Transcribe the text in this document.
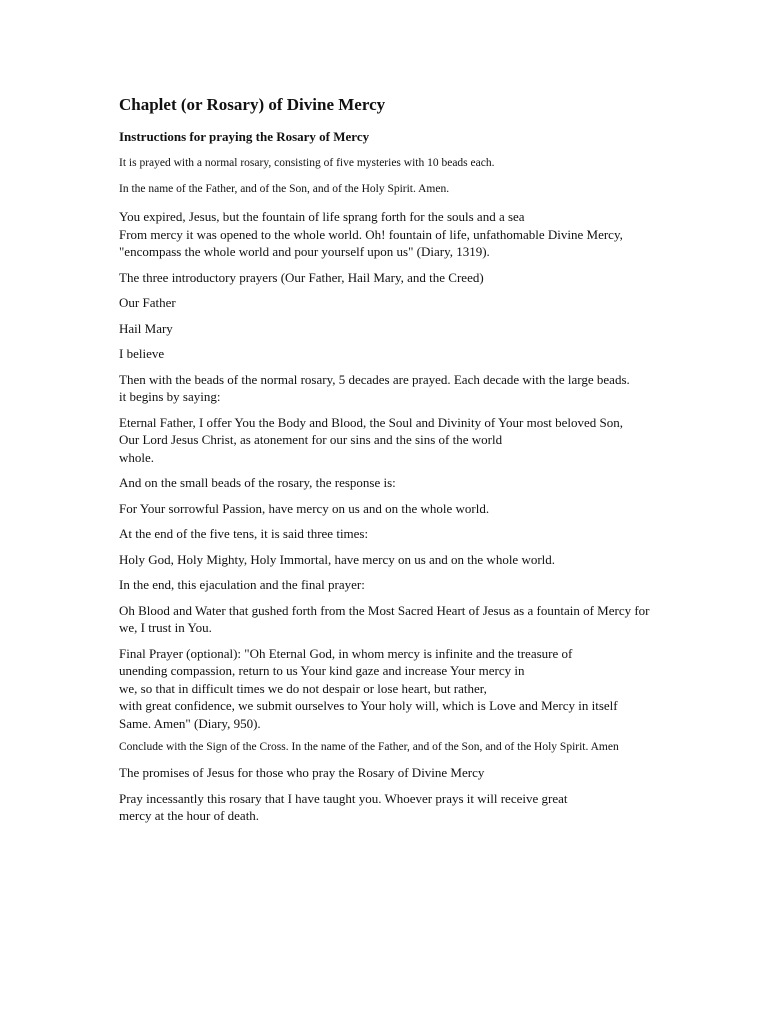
Chaplet (or Rosary) of Divine Mercy
Instructions for praying the Rosary of Mercy
It is prayed with a normal rosary, consisting of five mysteries with 10 beads each.
In the name of the Father, and of the Son, and of the Holy Spirit. Amen.
You expired, Jesus, but the fountain of life sprang forth for the souls and a sea
From mercy it was opened to the whole world. Oh! fountain of life, unfathomable Divine Mercy,
"encompass the whole world and pour yourself upon us" (Diary, 1319).
The three introductory prayers (Our Father, Hail Mary, and the Creed)
Our Father
Hail Mary
I believe
Then with the beads of the normal rosary, 5 decades are prayed. Each decade with the large beads.
it begins by saying:
Eternal Father, I offer You the Body and Blood, the Soul and Divinity of Your most beloved Son,
Our Lord Jesus Christ, as atonement for our sins and the sins of the world
whole.
And on the small beads of the rosary, the response is:
For Your sorrowful Passion, have mercy on us and on the whole world.
At the end of the five tens, it is said three times:
Holy God, Holy Mighty, Holy Immortal, have mercy on us and on the whole world.
In the end, this ejaculation and the final prayer:
Oh Blood and Water that gushed forth from the Most Sacred Heart of Jesus as a fountain of Mercy for
we, I trust in You.
Final Prayer (optional): "Oh Eternal God, in whom mercy is infinite and the treasure of
unending compassion, return to us Your kind gaze and increase Your mercy in
we, so that in difficult times we do not despair or lose heart, but rather,
with great confidence, we submit ourselves to Your holy will, which is Love and Mercy in itself
Same. Amen" (Diary, 950).
Conclude with the Sign of the Cross. In the name of the Father, and of the Son, and of the Holy Spirit. Amen
The promises of Jesus for those who pray the Rosary of Divine Mercy
Pray incessantly this rosary that I have taught you. Whoever prays it will receive great
mercy at the hour of death.
